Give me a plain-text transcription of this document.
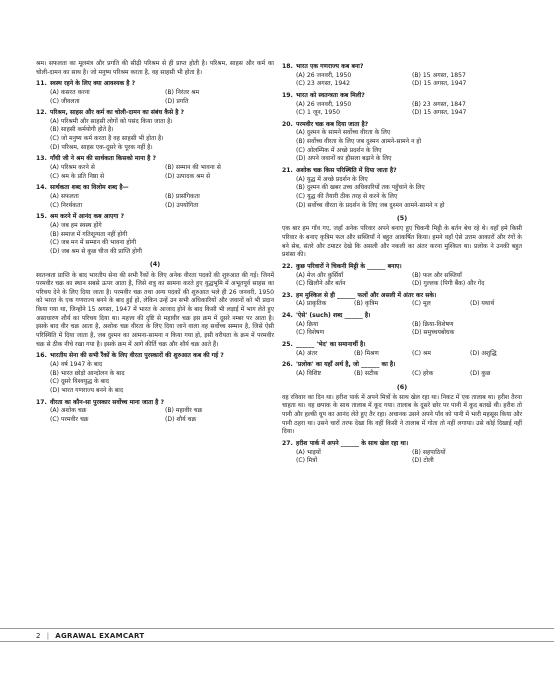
श्रम। सफलता का मूलमंत्र और प्रगति की सीढ़ी परिश्रम से ही प्राप्त होती है। परिश्रम, साहस और कर्म का चोली-दामन का साथ है। जो मनुष्य परिश्रम करता है, वह साहसी भी होता है।

11. स्वस्थ रहने के लिए क्या आवश्यक है ?
(A) कसरत करना	(B) निरंतर श्रम
(C) जीवलता	(D) प्रगति
12. परिश्रम, साहस और कर्म का चोली-दामन का संबंध कैसे है ?
(A) परिश्रमी और साहसी लोगों को पसंद किया जाता है।
(B) साहसी कर्मयोगी होते है।
(C) जो मनुष्य कर्म करता है वह साहसी भी होता है।
(D) परिश्रम, साहस एक-दूसरे के पूरक नहीं है।
13. गाँधी जी ने श्रम की सार्थकता किसको माना है ?
(A) परिश्रम करने से	(B) सम्मान की भावना से
(C) श्रम के प्रति निष्ठा से	(D) उत्पादक श्रम से
14. सार्थकता शब्द का विलोम शब्द है—
(A) सफलता	(B) प्रासंगिकता
(C) निरर्थकता	(D) उपयोगिता
15. श्रम करने में आनंद कब आएगा ?
(A) जब हम स्वस्थ होंगे
(B) समाज में गतिशून्यता नहीं होगी
(C) जब मन में सम्मान की भावना होगी
(D) जब श्रम से कुछ चीज की प्राप्ति होगी
(4)

स्वतन्त्रता प्राप्ति के बाद भारतीय सेना की सभी रैंकों के लिए अनेक वीरता पदकों की शुरुआत की गई। जिनमें परमवीर चक्र का स्थान सबसे ऊपर आता है, जिसे शत्रु का सामना करते हुए युद्धभूमि में अभूतपूर्व साहस का परिचय देने के लिए दिया जाता है। परमवीर चक्र तथा अन्य पदकों की शुरुआत भले ही 26 जनवरी, 1950 को भारत के एक गणराज्य बनने के बाद हुई हो, लेकिन उन्हें उन सभी अधिकारियों और जवानों को भी प्रदान किया गया था, जिन्होंने 15 अगस्त, 1947 में भारत के आजाद होने के बाद किसी भी लड़ाई में भाग लेते हुए असाधारण शौर्य का परिचय दिया था। महत्त्व की दृष्टि से महावीर चक्र इस क्रम में दूसरे नम्बर पर आता है। इसके बाद वीर चक्र आता है, अशोक चक्र वीरता के लिए दिया जाने वाला वह सर्वोच्च सम्मान है, जिसे ऐसी परिस्थिति में दिया जाता है, जब दुश्मन का आमना-सामना न किया गया हो, इसी वरीयता के क्रम में परमवीर चक्र से ठीक नीचे रखा गया है। इसके क्रम में आगे कीर्ति चक्र और शौर्य चक्र आते हैं।

16. भारतीय सेना की सभी रैंकों के लिए वीरता पुरस्कारों की शुरुआत कब की गई ?
(A) वर्ष 1947 के बाद
(B) भारत छोड़ो आन्दोलन के बाद
(C) दूसरे विश्वयुद्ध के बाद
(D) भारत गणराज्य बनने के बाद
17. वीरता का कौन-सा पुरस्कार सर्वोच्च माना जाता है ?
(A) अशोक चक्र	(B) महावीर चक्र
(C) परमवीर चक्र	(D) शौर्य चक्र
18. भारत एक गणराज्य कब बना?
(A) 26 जनवरी, 1950	(B) 15 अगस्त, 1857
(C) 23 अगस्त, 1942	(D) 15 अगस्त, 1947
19. भारत को स्वतन्त्रता कब मिली?
(A) 26 जनवरी, 1950	(B) 23 अगस्त, 1847
(C) 1 जून, 1950	(D) 15 अगस्त, 1947
20. परमवीर चक्र कब दिया जाता है?
(A) दुश्मन के सामने सर्वोच्च वीरता के लिए
(B) सर्वोच्च वीरता के लिए जब दुश्मन आमने-सामने न हो
(C) ओलम्पिक में अच्छे प्रदर्शन के लिए
(D) अपने जवानों का हौसला बढ़ाने के लिए
21. अशोक चक्र किस परिस्थिति में दिया जाता है?
(A) युद्ध में अच्छे प्रदर्शन के लिए
(B) दुश्मन की खबर उच्च अधिकारियों तक पहुँचाने के लिए
(C) युद्ध की तैयारी ठीक तरह से करने के लिए
(D) सर्वोच्च वीरता के प्रदर्शन के लिए जब दुश्मन आमने-सामने न हो
(5)

एक बार हम गाँव गए, जहाँ अनेक परिवार अपने बनाए हुए चिकनी मिट्टी के बर्तन बेच रहे थे। वहाँ हमे किसी परिवार के बनाए कृत्रिम फल और सब्जियाँ ने बहुत आकर्षित किया। हमने वहाँ ऐसे उत्तम आकारों और रंगों के बने सेब, संतरे और टमाटर देखे कि असली और नकली का अंतर करना मुश्किल था। प्रलोक ने उनकी बहुत प्रशंसा की।

22. कुछ परिवारों ने चिकनी मिट्टी के ______ बनाए।
(A) मेज और कुर्सियाँ	(B) फल और सब्जियाँ
(C) खिलौने और बर्तन	(D) गुल्लक (पिगी बैंक) और गेंद
23. हम मुश्किल से ही ______ फलों और असली में अंतर कर सके।
(A) प्राकृतिक	(B) कृत्रिम	(C) मूल	(D) यथार्थ
24. 'ऐसे' (such) शब्द ______ है।
(A) क्रिया	(B) क्रिया-विशेषण
(C) विशेषण	(D) समुच्चयबोधक
25. ______ 'भेद' का समानार्थी है।
(A) अंतर	(B) मिश्रण	(C) श्रम	(D) अशुद्धि
26. 'प्रलोक' का यहाँ अर्थ है, जो ______ का है।
(A) विशिष्ट	(B) सटीक	(C) हरेक	(D) कुछ
(6)

वह रविवार का दिन था। हरीश पार्क में अपने मित्रों के साथ खेल रहा था। निकट में एक तालाब था। हरीश तैरना चाहता था। वह छपाक के साथ तालाब में कूद गया। तालाब के दूसरे छोर पर पानी में कूद बतखें थी। हरीश तो पानी और हल्की धूप का आनंद लेते हुए तैर रहा। अचानक उसने अपने पाँव को पानी में भारी महसूस किया और पानी ठहरा था। उसने चारों तरफ देखा कि वहीं किसी ने तालाब में गोता तो नहीं लगाया। उसे कोई दिखाई नहीं दिया।

27. हरीश पार्क में अपने ______ के साथ खेल रहा था।
(A) भाइयों	(B) सहपाठियों
(C) मित्रों	(D) टोली
2 | AGRAWAL EXAMCART
